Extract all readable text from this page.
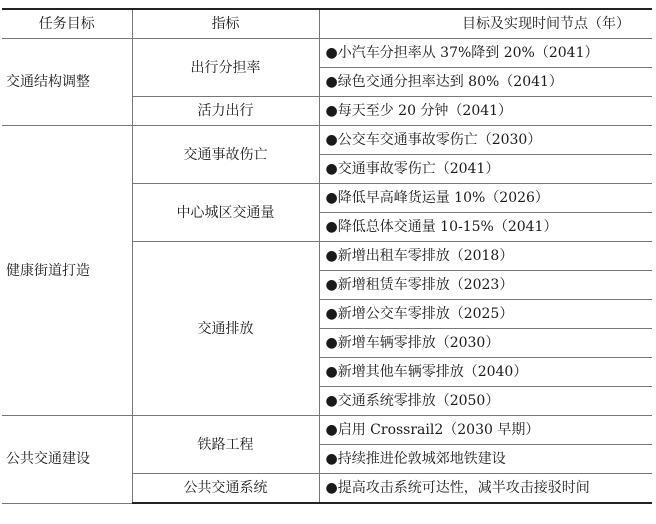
任务目标	指标	目标及实现时间节点（年）
交通结构调整	出行分担率	●小汽车分担率从 37%降到 20%（2041）
		●绿色交通分担率达到 80%（2041）
	活力出行	●每天至少 20 分钟（2041）
健康街道打造	交通事故伤亡	●公交车交通事故零伤亡（2030）
		●交通事故零伤亡（2041）
	中心城区交通量	●降低早高峰货运量 10%（2026）
		●降低总体交通量 10-15%（2041）
	交通排放	●新增出租车零排放（2018）
		●新增租赁车零排放（2023）
		●新增公交车零排放（2025）
		●新增车辆零排放（2030）
		●新增其他车辆零排放（2040）
		●交通系统零排放（2050）
公共交通建设	铁路工程	●启用 Crossrail2（2030 早期）
		●持续推进伦敦城郊地铁建设
	公共交通系统	●提高攻击系统可达性，减半攻击接驳时间
